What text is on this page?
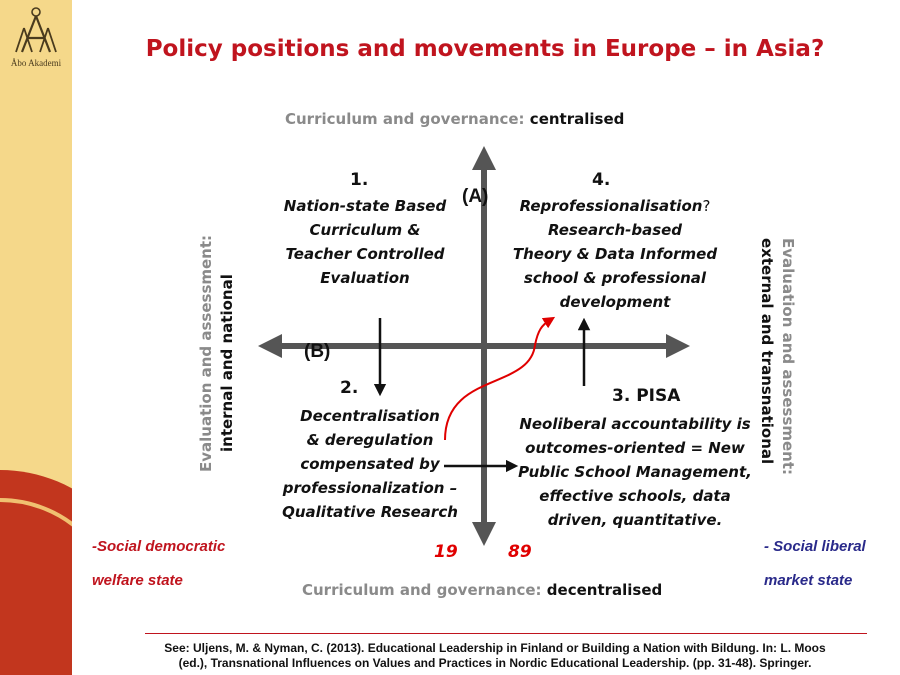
Åbo Akademi
Policy positions and movements in Europe – in Asia?
Curriculum and governance: centralised
(A)
(B)
Evaluation and assessment: internal and national	Evaluation and assessment:
external and transnational
1.
Nation-state Based
Curriculum &
Teacher Controlled
Evaluation
4.
Reprofessionalisation?
Research-based
Theory & Data Informed
school & professional
development
2.
Decentralisation
& deregulation
compensated by
professionalization –
Qualitative Research
3. PISA
Neoliberal accountability is
outcomes-oriented = New
Public School Management,
effective schools, data
driven, quantitative.
19	89
Curriculum and governance: decentralised
-Social democratic
welfare state
- Social liberal
market state
See: Uljens, M. & Nyman, C. (2013). Educational Leadership in Finland or Building a Nation with Bildung. In: L. Moos
(ed.), Transnational Influences on Values and Practices in Nordic Educational Leadership. (pp. 31-48). Springer.
